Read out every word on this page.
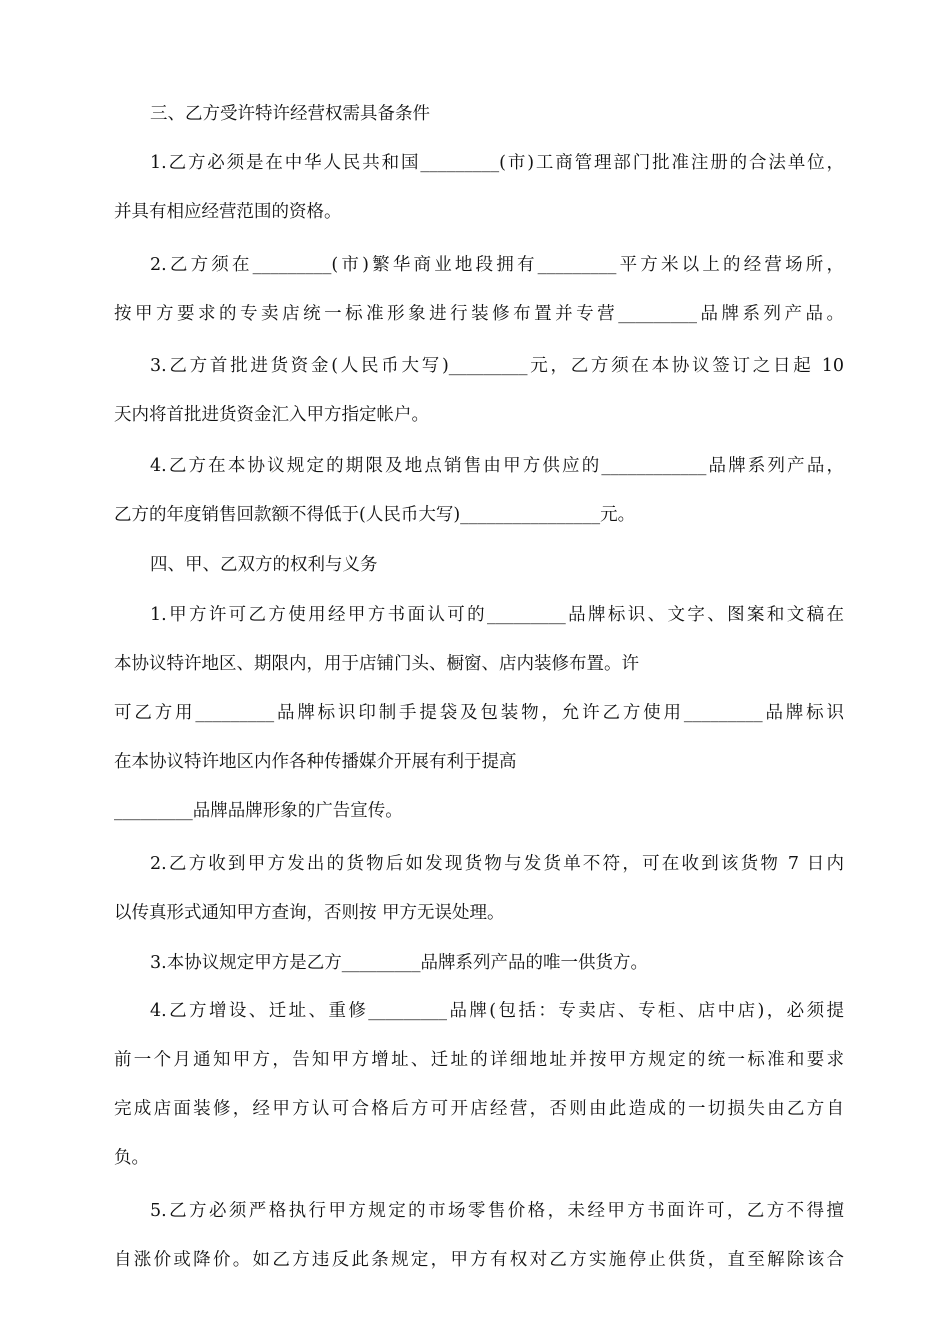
三、乙方受许特许经营权需具备条件
1.乙方必须是在中华人民共和国_________(市)工商管理部门批准注册的合法单位，
并具有相应经营范围的资格。
2.乙方须在_________(市)繁华商业地段拥有_________平方米以上的经营场所，
按甲方要求的专卖店统一标准形象进行装修布置并专营_________品牌系列产品。
3.乙方首批进货资金(人民币大写)_________元，乙方须在本协议签订之日起 10
天内将首批进货资金汇入甲方指定帐户。
4.乙方在本协议规定的期限及地点销售由甲方供应的____________品牌系列产品，
乙方的年度销售回款额不得低于(人民币大写)________________元。
四、甲、乙双方的权利与义务
1.甲方许可乙方使用经甲方书面认可的_________品牌标识、文字、图案和文稿在
本协议特许地区、期限内，用于店铺门头、橱窗、店内装修布置。许
可乙方用_________品牌标识印制手提袋及包装物，允许乙方使用_________品牌标识
在本协议特许地区内作各种传播媒介开展有利于提高
_________品牌品牌形象的广告宣传。
2.乙方收到甲方发出的货物后如发现货物与发货单不符，可在收到该货物 7 日内
以传真形式通知甲方查询，否则按 甲方无误处理。
3.本协议规定甲方是乙方_________品牌系列产品的唯一供货方。
4.乙方增设、迁址、重修_________品牌(包括：专卖店、专柜、店中店)，必须提
前一个月通知甲方，告知甲方增址、迁址的详细地址并按甲方规定的统一标准和要求
完成店面装修，经甲方认可合格后方可开店经营，否则由此造成的一切损失由乙方自
负。
5.乙方必须严格执行甲方规定的市场零售价格，未经甲方书面许可，乙方不得擅
自涨价或降价。如乙方违反此条规定，甲方有权对乙方实施停止供货，直至解除该合
